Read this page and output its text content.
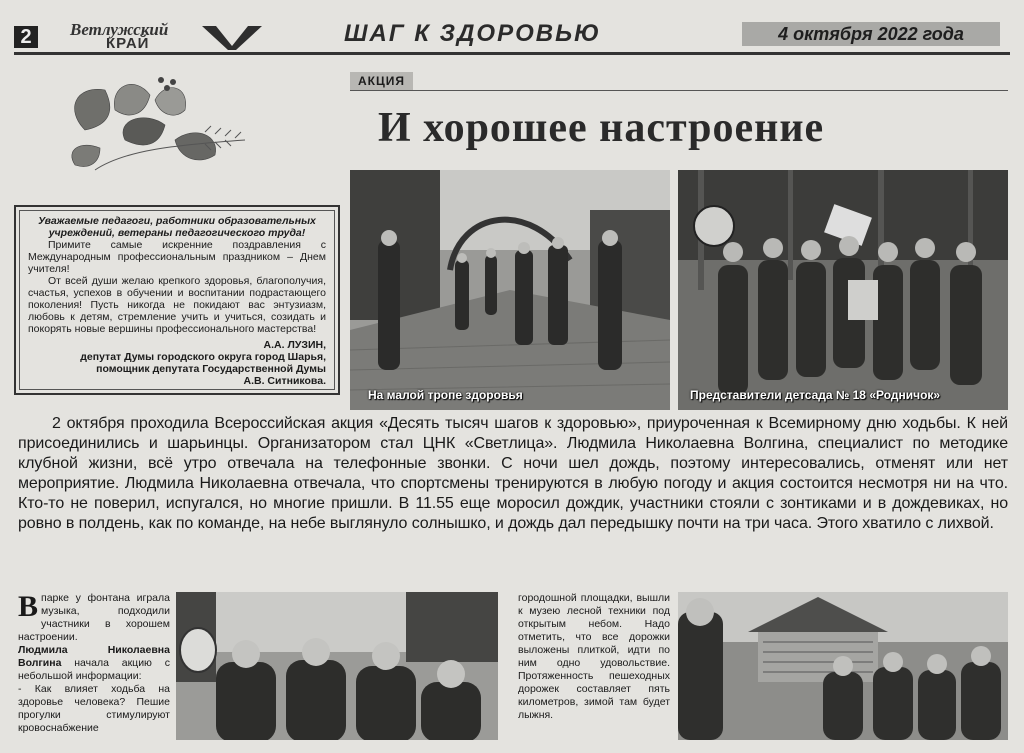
2	Ветлужский
КРАЙ	ШАГ К ЗДОРОВЬЮ	4 октября 2022 года
Уважаемые педагоги, работники образовательных учреждений, ветераны педагогического труда!

Примите самые искренние поздравления с Международным профессиональным праздником – Днем учителя!

От всей души желаю крепкого здоровья, благополучия, счастья, успехов в обучении и воспитании подрастающего поколения! Пусть никогда не покидают вас энтузиазм, любовь к детям, стремление учить и учиться, созидать и покорять новые вершины профессионального мастерства!

А.А. ЛУЗИН,
депутат Думы городского округа город Шарья,
помощник депутата Государственной Думы
А.В. Ситникова.
АКЦИЯ
И хорошее настроение
На малой тропе здоровья	Представители детсада № 18 «Родничок»
2 октября проходила Всероссийская акция «Десять тысяч шагов к здоровью», приуроченная к Всемирному дню ходьбы. К ней присоединились и шарьинцы. Организатором стал ЦНК «Светлица». Людмила Николаевна Волгина, специалист по методике клубной жизни, всё утро отвечала на телефонные звонки. С ночи шел дождь, поэтому интересовались, отменят или нет мероприятие. Людмила Николаевна отвечала, что спортсмены тренируются в любую погоду и акция состоится несмотря ни на что. Кто-то не поверил, испугался, но многие пришли. В 11.55 еще моросил дождик, участники стояли с зонтиками и в дождевиках, но ровно в полдень, как по команде, на небе выглянуло солнышко, и дождь дал передышку почти на три часа. Этого хватило с лихвой.
В парке у фонтана играла музыка, подходили участники в хорошем настроении.
Людмила Николаевна Волгина начала акцию с небольшой информации:
- Как влияет ходьба на здоровье человека? Пешие прогулки стимулируют кровоснабжение
городошной площадки, вышли к музею лесной техники под открытым небом. Надо отметить, что все дорожки выложены плиткой, идти по ним одно удовольствие. Протяженность пешеходных дорожек составляет пять километров, зимой там будет лыжня.
